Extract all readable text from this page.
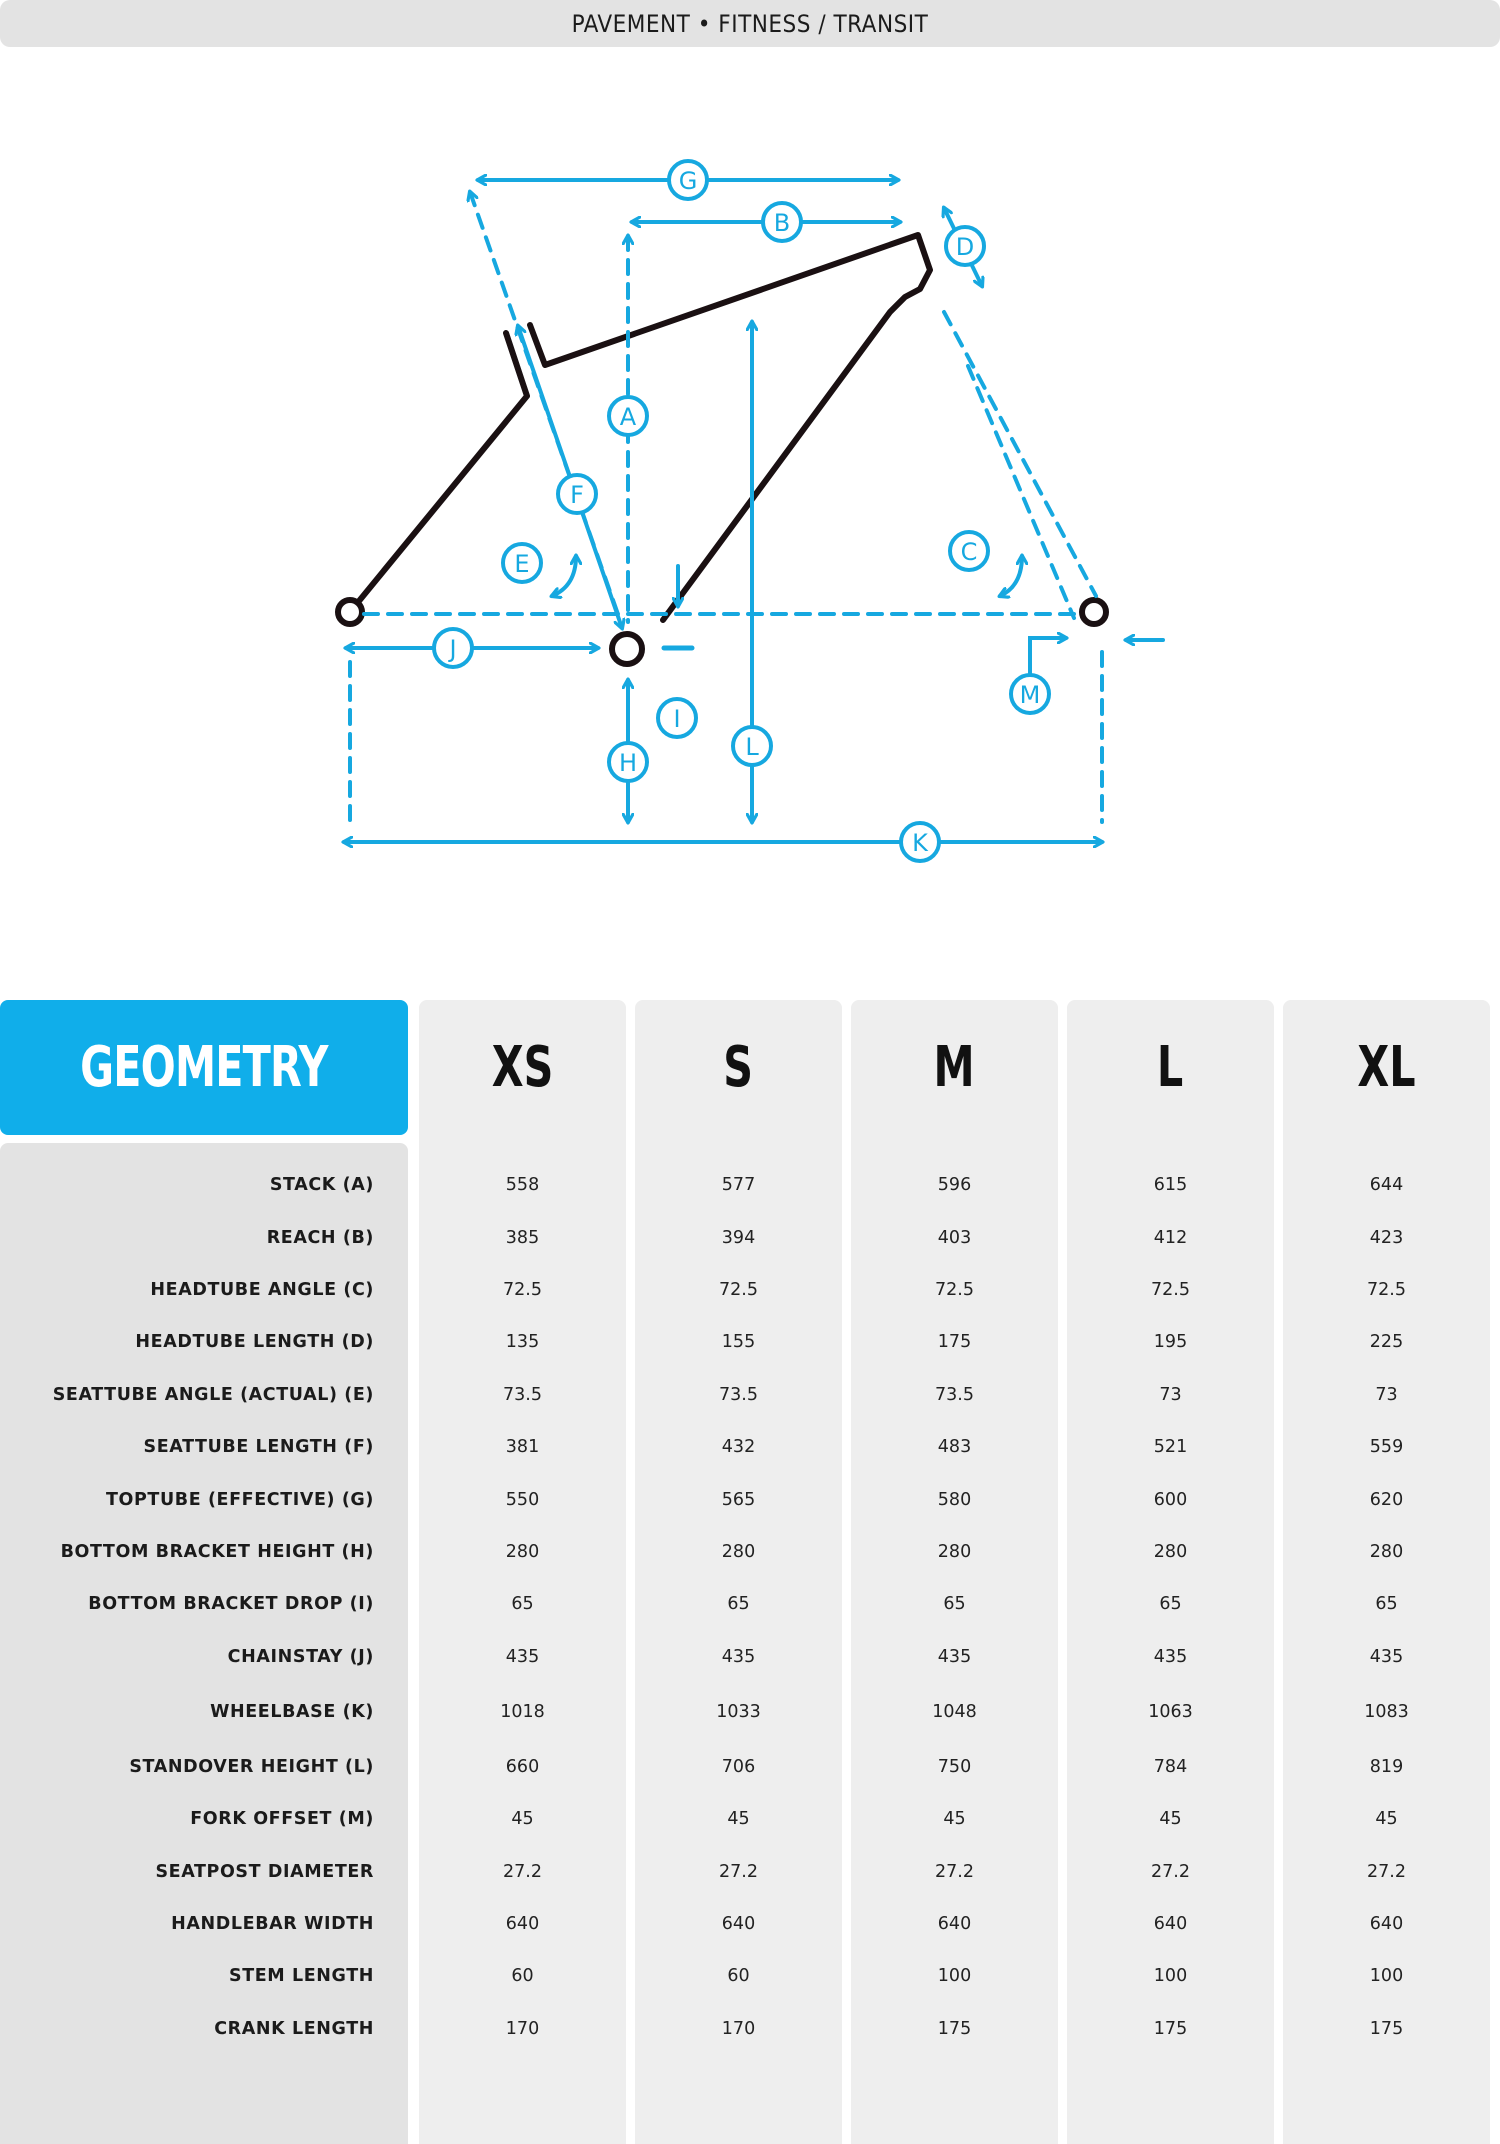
PAVEMENT • FITNESS / TRANSIT
G
B
D
A
F
E	C
J
I
M
H
L
K
GEOMETRY
STACK (A)
REACH (B)
HEADTUBE ANGLE (C)
HEADTUBE LENGTH (D)
SEATTUBE ANGLE (ACTUAL) (E)
SEATTUBE LENGTH (F)
TOPTUBE (EFFECTIVE) (G)
BOTTOM BRACKET HEIGHT (H)
BOTTOM BRACKET DROP (I)
CHAINSTAY (J)
WHEELBASE (K)
STANDOVER HEIGHT (L)
FORK OFFSET (M)
SEATPOST DIAMETER
HANDLEBAR WIDTH
STEM LENGTH
CRANK LENGTH
XS
558
385
72.5
135
73.5
381
550
280
65
435
1018
660
45
27.2
640
60
170
S
577
394
72.5
155
73.5
432
565
280
65
435
1033
706
45
27.2
640
60
170
M
596
403
72.5
175
73.5
483
580
280
65
435
1048
750
45
27.2
640
100
175
L
615
412
72.5
195
73
521
600
280
65
435
1063
784
45
27.2
640
100
175
XL
644
423
72.5
225
73
559
620
280
65
435
1083
819
45
27.2
640
100
175
